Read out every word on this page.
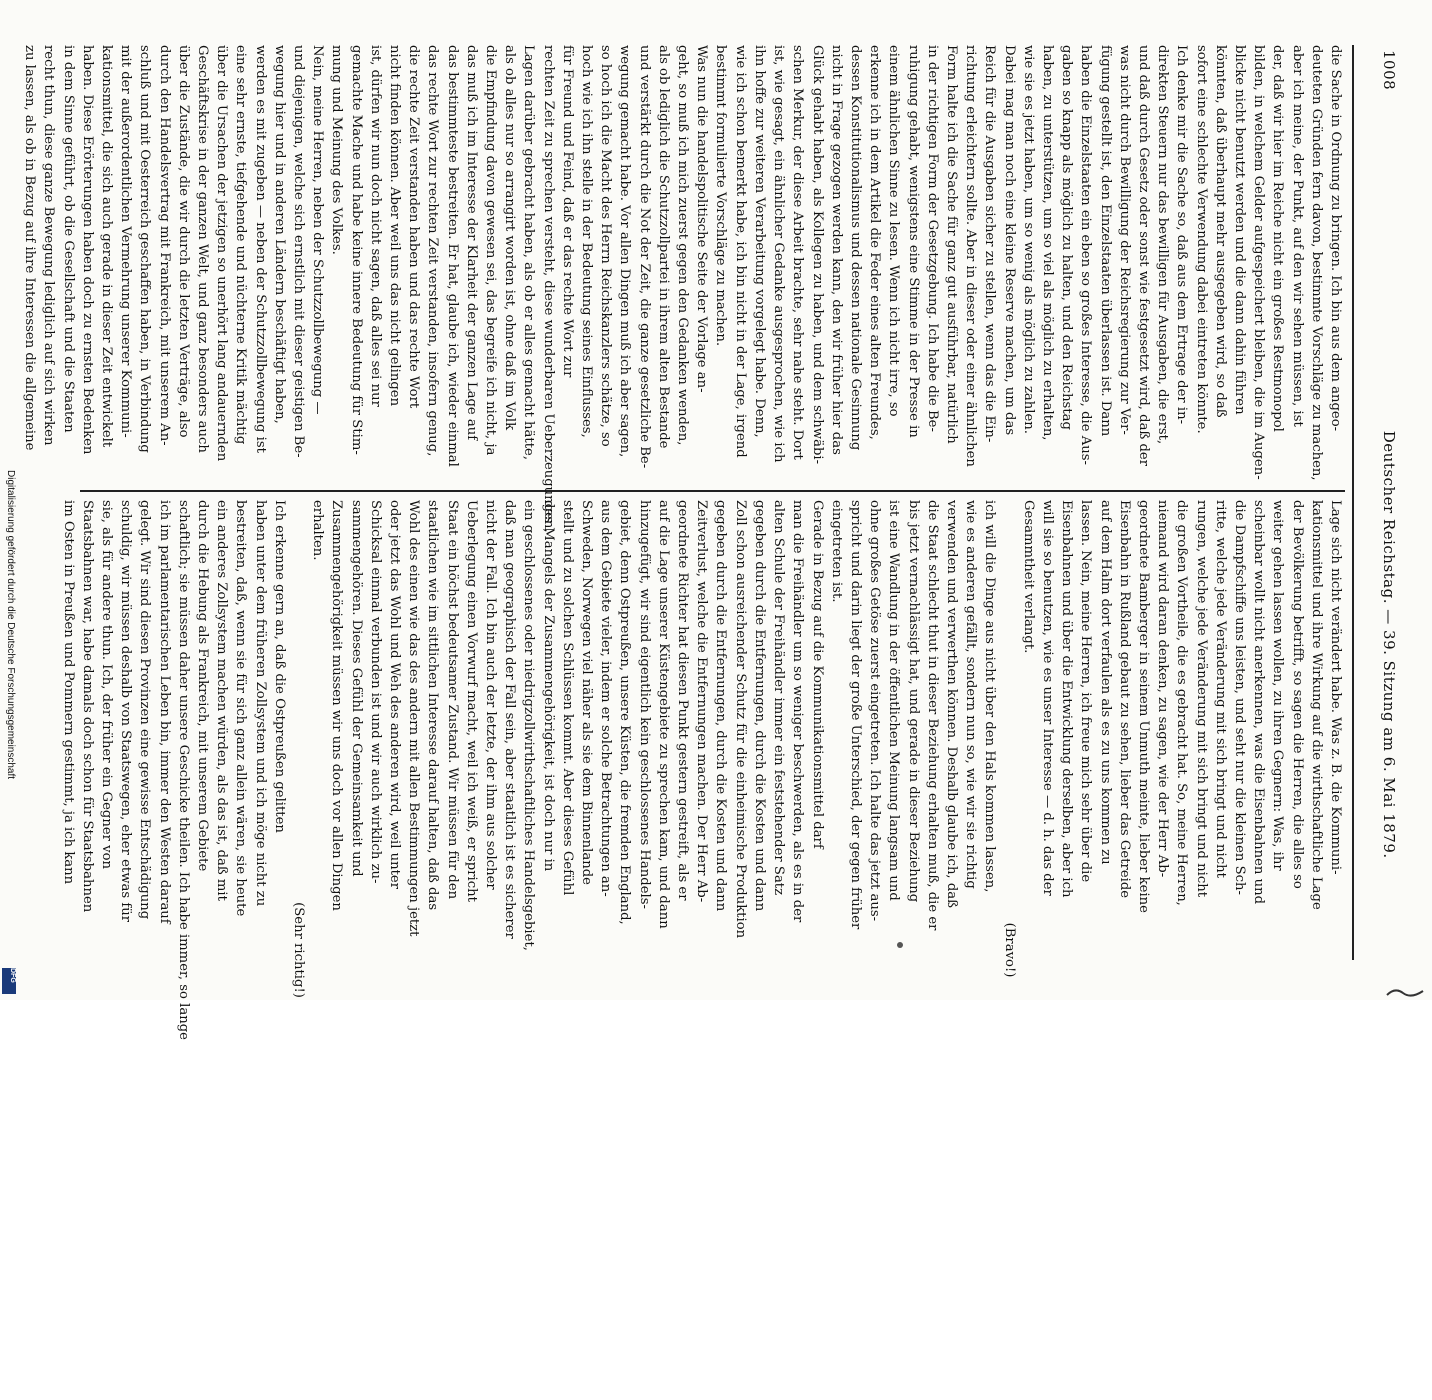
1008  Deutscher Reichstag. — 39. Sitzung am 6. Mai 1879.
die Sache in Ordnung zu bringen. Ich bin aus dem angeo-
deuteten Gründen fern davon, bestimmte Vorschläge zu machen,
aber ich meine, der Punkt, auf den wir sehen müssen, ist
der, daß wir hier im Reiche nicht ein großes Restmonopol
bilden, in welchem Gelder aufgespeichert bleiben, die im Augen-
blicke nicht benutzt werden und die dann dahin führen
könnten, daß überhaupt mehr ausgegeben wird, so daß
sofort eine schlechte Verwendung dabei eintreten könnte.
Ich denke mir die Sache so, daß aus dem Ertrage der in-
direkten Steuern nur das bewilligen für Ausgaben, die erst,
und daß durch Gesetz oder sonst wie festgesetzt wird, daß der
was nicht durch Bewilligung der Reichsregierung zur Ver-
fügung gestellt ist, den Einzelstaaten überlassen ist. Dann
haben die Einzelstaaten ein eben so großes Interesse, die Aus-
gaben so knapp als möglich zu halten, und den Reichstag
haben, zu unterstützen, um so viel als möglich zu erhalten,
wie sie es jetzt haben, um so wenig als möglich zu zahlen.
Dabei mag man noch eine kleine Reserve machen, um das
Reich für die Ausgaben sicher zu stellen, wenn das die Ein-
richtung erleichtern sollte. Aber in dieser oder einer ähnlichen
Form halte ich die Sache für ganz gut ausführbar, natürlich
in der richtigen Form der Gesetzgebung. Ich habe die Be-
ruhigung gehabt, wenigstens eine Stimme in der Presse in
einem ähnlichen Sinne zu lesen. Wenn ich nicht irre, so
erkenne ich in dem Artikel die Feder eines alten Freundes,
dessen Konstitutionalismus und dessen nationale Gesinnung
nicht in Frage gezogen werden kann, den wir früher hier das
Glück gehabt haben, als Kollegen zu haben, und dem schwäbi-
schen Merkur, der diese Arbeit brachte, sehr nahe steht. Dort
ist, wie gesagt, ein ähnlicher Gedanke ausgesprochen, wie ich
ihn hoffe zur weiteren Verarbeitung vorgelegt habe. Denn,
wie ich schon bemerkt habe, ich bin nicht in der Lage, irgend
bestimmt formulierte Vorschläge zu machen.
Was nun die handelspolitische Seite der Vorlage an-
geht, so muß ich mich zuerst gegen den Gedanken wenden,
als ob lediglich die Schutzzollpartei in ihrem alten Bestande
und verstärkt durch die Not der Zeit, die ganze gesetzliche Be-
wegung gemacht habe. Vor allen Dingen muß ich aber sagen,
so hoch ich die Macht des Herrn Reichskanzlers schätze, so
hoch wie ich ihn stelle in der Bedeutung seines Einflusses,
für Freund und Feind, daß er das rechte Wort zur
rechten Zeit zu sprechen versteht, diese wunderbaren Ueberzeugungen,
Lagen darüber gebracht haben, als ob er alles gemacht hätte,
als ob alles nur so arrangirt worden ist, ohne daß im Volk
die Empfindung davon gewesen sei, das begreife ich nicht, ja
das muß ich im Interesse der Klarheit der ganzen Lage auf
das bestimmteste bestreiten. Er hat, glaube ich, wieder einmal
das rechte Wort zur rechten Zeit verstanden, insofern genug,
die rechte Zeit verstanden haben und das rechte Wort
nicht finden können. Aber weil uns das nicht gelingen
ist, dürfen wir nun doch nicht sagen, daß alles sei nur
gemachte Mache und habe keine innere Bedeutung für Stim-
mung und Meinung des Volkes.
Nein, meine Herren, neben der Schutzzollbewegung —
und diejenigen, welche sich ernstlich mit dieser geistigen Be-
wegung hier und in anderen Ländern beschäftigt haben,
werden es mit zugeben — neben der Schutzzollbewegung ist
eine sehr ernste, tiefgehende und nüchterne Kritik mächtig
über die Ursachen der jetzigen so unerhört lang andauernden
Geschäftskrise in der ganzen Welt, und ganz besonders auch
über die Zustände, die wir durch die letzten Verträge, also
durch den Handelsvertrag mit Frankreich, mit unserem An-
schluß und mit Oesterreich geschaffen haben, in Verbindung
mit der außerordentlichen Vermehrung unserer Kommuni-
kationsmittel, die sich auch gerade in dieser Zeit entwickelt
haben. Diese Erörterungen haben doch zu ernsten Bedenken
in dem Sinne geführt, ob die Gesellschaft und die Staaten
recht thun, diese ganze Bewegung lediglich auf sich wirken
zu lassen, als ob in Bezug auf ihre Interessen die allgemeine
Lage sich nicht verändert habe. Was z. B. die Kommuni-
kationsmittel und ihre Wirkung auf die wirthschaftliche Lage
der Bevölkerung betrifft, so sagen die Herren, die alles so
weiter gehen lassen wollen, zu ihren Gegnern: Was, ihr
scheinbar wollt nicht anerkennen, was die Eisenbahnen und
die Dampfschiffe uns leisten, und seht nur die kleinen Sch-
ritte, welche jede Veränderung mit sich bringt und nicht
rungen, welche jede Veränderung mit sich bringt und nicht
die großen Vortheile, die es gebracht hat. So, meine Herren,
niemand wird daran denken, zu sagen, wie der Herr Ab-
geordnete Bamberger in seinem Unmuth meinte, lieber keine
Eisenbahn in Rußland gebaut zu sehen, lieber das Getreide
auf dem Halm dort verfaulen als es zu uns kommen zu
lassen. Nein, meine Herren, ich freue mich sehr über die
Eisenbahnen und über die Entwicklung derselben, aber ich
will sie so benutzen, wie es unser Interesse — d. h. das der
Gesammtheit verlangt.
(Bravo!)
ich will die Dinge aus nicht über den Hals kommen lassen,
wie es anderen gefällt, sondern nun so, wie wir sie richtig
verwenden und verwerthen können. Deshalb glaube ich, daß
die Staat schlecht thut in dieser Beziehung erhalten muß, die er
bis jetzt vernachlässigt hat, und gerade in dieser Beziehung
ist eine Wandlung in der öffentlichen Meinung langsam und
ohne großes Getöse zuerst eingetreten. Ich halte das jetzt aus-
spricht und darin liegt der große Unterschied, der gegen früher
eingetreten ist.
Gerade in Bezug auf die Kommunikationsmittel darf
man die Freihändler um so weniger beschwerden, als es in der
alten Schule der Freihändler immer ein feststehender Satz
gegeben durch die Entfernungen, durch die Kosten und dann
Zoll schon ausreichender Schutz für die einheimische Produktion
gegeben durch die Entfernungen, durch die Kosten und dann
Zeitverlust, welche die Entfernungen machen. Der Herr Ab-
geordnete Richter hat diesen Punkt gestern gestreift, als er
auf die Lage unserer Küstengebiete zu sprechen kam, und dann
hinzugefügt, wir sind eigentlich kein geschlossenes Handels-
gebiet, denn Ostpreußen, unsere Küsten, die fremden England,
aus dem Gebiete vieler, indem er solche Betrachtungen an-
Schweden, Norwegen viel näher als sie dem Binnenlande
stellt und zu solchen Schlüssen kommt. Aber dieses Gefühl
des Mangels der Zusammengehörigkeit, ist doch nur in
ein geschlossenes oder niedrigzollwirthschaftliches Handelsgebiet,
daß man geographisch der Fall sein, aber staatlich ist es sicherer
nicht der Fall. Ich bin auch der letzte, der ihm aus solcher
Ueberlegung einen Vorwurf macht, weil ich weiß, er spricht
Staat ein höchst bedeutsamer Zustand. Wir müssen für den
staatlichen wie im sittlichen Interesse darauf halten, daß das
Wohl des einen wie das des andern mit allen Bestimmungen jetzt
oder jetzt das Wohl und Weh des anderen wird, weil unter
Schicksal einmal verbunden ist und wir auch wirklich zu-
sammengehören. Dieses Gefühl der Gemeinsamkeit und
Zusammengehörigkeit müssen wir uns doch vor allen Dingen
erhalten.
(Sehr richtig!)
Ich erkenne gern an, daß die Ostpreußen gelitten
haben unter dem früheren Zollsystem und ich möge nicht zu
bestreiten, daß, wenn sie für sich ganz allein wären, sie heute
ein anderes Zollsystem machen würden, als das ist, daß mit
durch die Hebung als Frankreich, mit unserem Gebiete
schaftlich; sie müssen daher unsere Geschicke theilen. Ich habe immer, so lange
ich im parlamentarischen Leben bin, immer den Westen darauf
gelegt. Wir sind diesen Provinzen eine gewisse Entschädigung
schuldig, wir müssen deshalb von Staatswegen, eher etwas für
sie, als für andere thun. Ich, der früher ein Gegner von
Staatsbahnen war, habe damals doch schon für Staatsbahnen
im Osten in Preußen und Pommern gestimmt, ja ich kann
Digitalisierung gefördert durch die Deutsche Forschungsgemeinschaft
DFG
